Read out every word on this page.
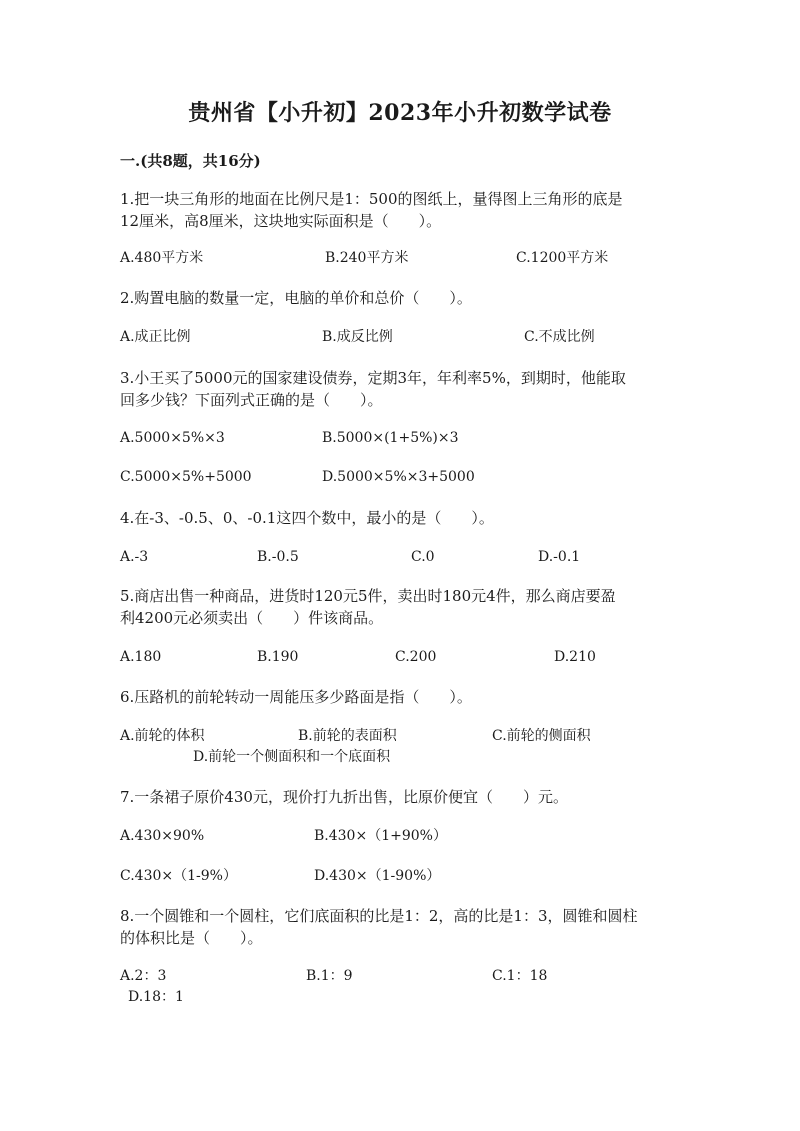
贵州省【小升初】2023年小升初数学试卷
一.(共8题，共16分)
1.把一块三角形的地面在比例尺是1：500的图纸上，量得图上三角形的底是
12厘米，高8厘米，这块地实际面积是（　　）。
A.480平方米	B.240平方米	C.1200平方米
2.购置电脑的数量一定，电脑的单价和总价（　　）。
A.成正比例	B.成反比例	C.不成比例
3.小王买了5000元的国家建设债券，定期3年，年利率5%，到期时，他能取
回多少钱？下面列式正确的是（　　）。
A.5000×5%×3	B.5000×(1+5%)×3
C.5000×5%+5000	D.5000×5%×3+5000
4.在-3、-0.5、0、-0.1这四个数中，最小的是（　　）。
A.-3	B.-0.5	C.0	D.-0.1
5.商店出售一种商品，进货时120元5件，卖出时180元4件，那么商店要盈
利4200元必须卖出（　　）件该商品。
A.180	B.190	C.200	D.210
6.压路机的前轮转动一周能压多少路面是指（　　）。
A.前轮的体积	B.前轮的表面积	C.前轮的侧面积
D.前轮一个侧面积和一个底面积
7.一条裙子原价430元，现价打九折出售，比原价便宜（　　）元。
A.430×90%	B.430×（1+90%）
C.430×（1-9%）	D.430×（1-90%）
8.一个圆锥和一个圆柱，它们底面积的比是1：2，高的比是1：3，圆锥和圆柱
的体积比是（　　）。
A.2：3	B.1：9	C.1：18
D.18：1
